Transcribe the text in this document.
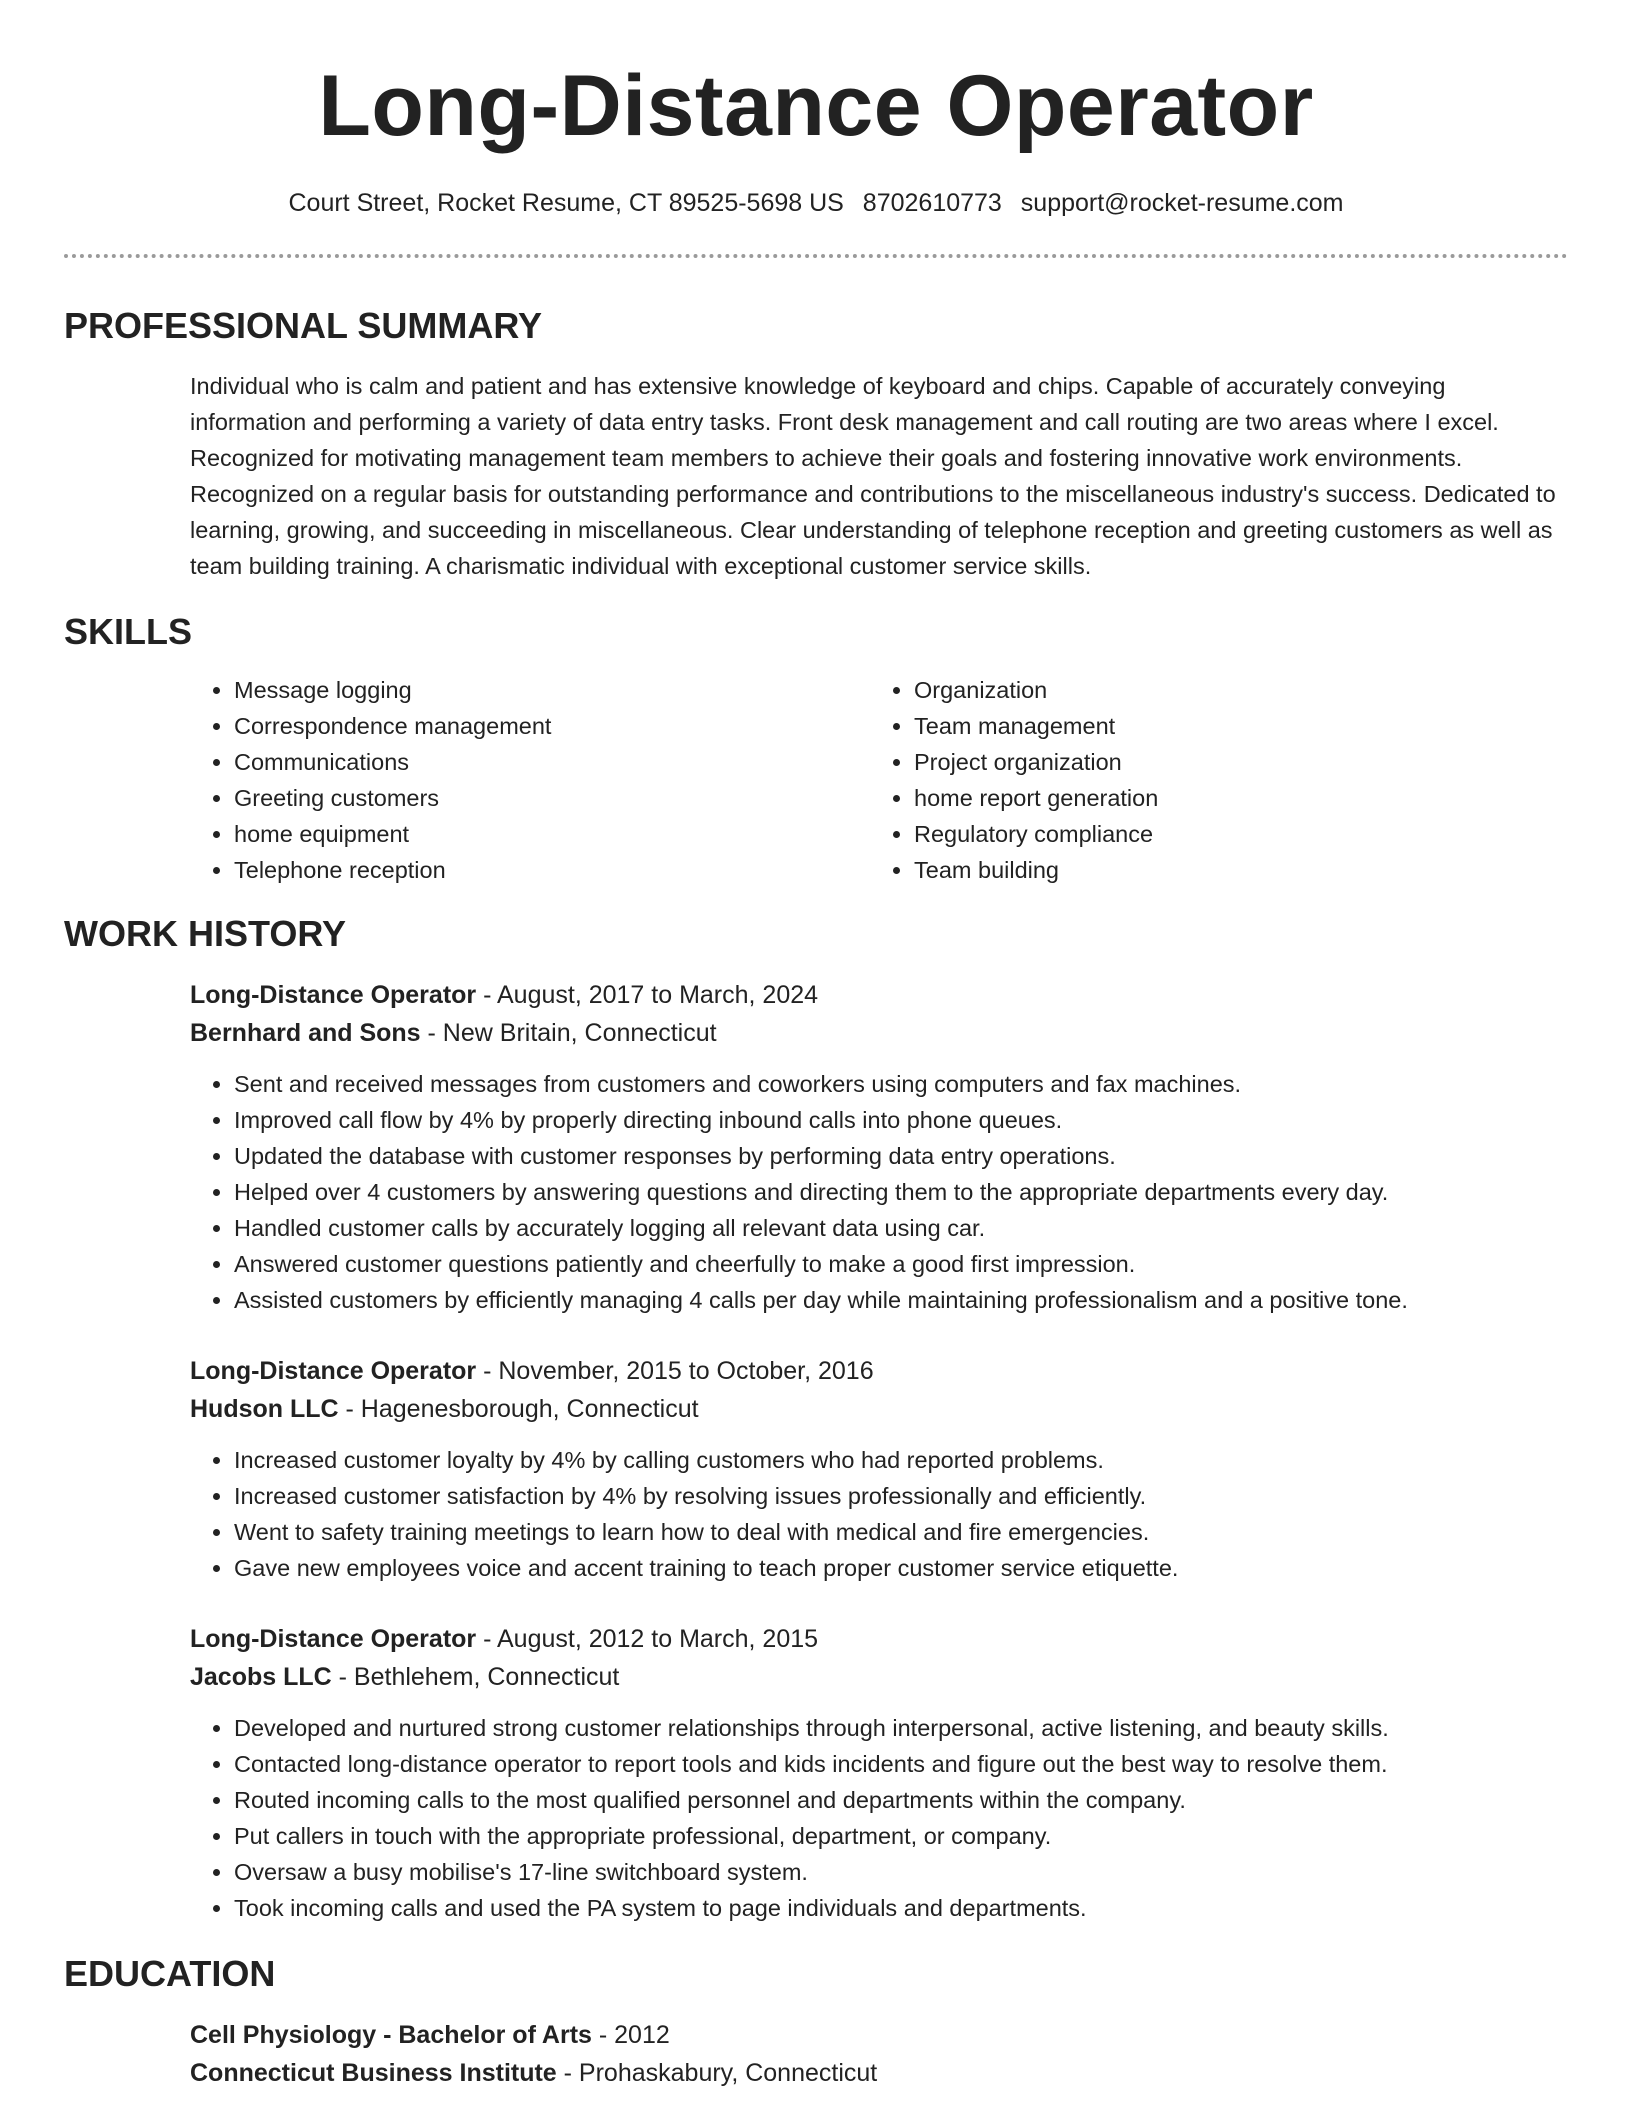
Long-Distance Operator
Court Street, Rocket Resume, CT 89525-5698 US 8702610773 support@rocket-resume.com
PROFESSIONAL SUMMARY

Individual who is calm and patient and has extensive knowledge of keyboard and chips. Capable of accurately conveying information and performing a variety of data entry tasks. Front desk management and call routing are two areas where I excel. Recognized for motivating management team members to achieve their goals and fostering innovative work environments. Recognized on a regular basis for outstanding performance and contributions to the miscellaneous industry's success. Dedicated to learning, growing, and succeeding in miscellaneous. Clear understanding of telephone reception and greeting customers as well as team building training. A charismatic individual with exceptional customer service skills.

SKILLS
• Message logging
• Correspondence management
• Communications
• Greeting customers
• home equipment
• Telephone reception
• Organization
• Team management
• Project organization
• home report generation
• Regulatory compliance
• Team building
WORK HISTORY
Long-Distance Operator - August, 2017 to March, 2024
Bernhard and Sons - New Britain, Connecticut
• Sent and received messages from customers and coworkers using computers and fax machines.
• Improved call flow by 4% by properly directing inbound calls into phone queues.
• Updated the database with customer responses by performing data entry operations.
• Helped over 4 customers by answering questions and directing them to the appropriate departments every day.
• Handled customer calls by accurately logging all relevant data using car.
• Answered customer questions patiently and cheerfully to make a good first impression.
• Assisted customers by efficiently managing 4 calls per day while maintaining professionalism and a positive tone.
Long-Distance Operator - November, 2015 to October, 2016
Hudson LLC - Hagenesborough, Connecticut
• Increased customer loyalty by 4% by calling customers who had reported problems.
• Increased customer satisfaction by 4% by resolving issues professionally and efficiently.
• Went to safety training meetings to learn how to deal with medical and fire emergencies.
• Gave new employees voice and accent training to teach proper customer service etiquette.
Long-Distance Operator - August, 2012 to March, 2015
Jacobs LLC - Bethlehem, Connecticut
• Developed and nurtured strong customer relationships through interpersonal, active listening, and beauty skills.
• Contacted long-distance operator to report tools and kids incidents and figure out the best way to resolve them.
• Routed incoming calls to the most qualified personnel and departments within the company.
• Put callers in touch with the appropriate professional, department, or company.
• Oversaw a busy mobilise's 17-line switchboard system.
• Took incoming calls and used the PA system to page individuals and departments.
EDUCATION
Cell Physiology - Bachelor of Arts - 2012
Connecticut Business Institute - Prohaskabury, Connecticut
